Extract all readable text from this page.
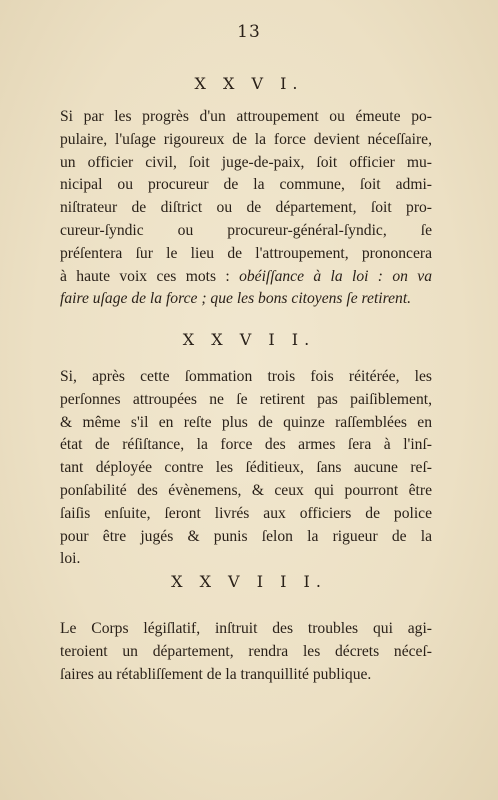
13
X X V I.
Si par les progrès d'un attroupement ou émeute po-
pulaire, l'uſage rigoureux de la force devient néceſſaire,
un officier civil, ſoit juge-de-paix, ſoit officier mu-
nicipal ou procureur de la commune, ſoit admi-
niſtrateur de diſtrict ou de département, ſoit pro-
cureur-ſyndic ou procureur-général-ſyndic, ſe
préſentera ſur le lieu de l'attroupement, prononcera
à haute voix ces mots : obéiſſance à la loi : on va
faire uſage de la force ; que les bons citoyens ſe retirent.
X X V I I.
Si, après cette ſommation trois fois réitérée, les
perſonnes attroupées ne ſe retirent pas paiſiblement,
& même s'il en reſte plus de quinze raſſemblées en
état de réſiſtance, la force des armes ſera à l'inſ-
tant déployée contre les ſéditieux, ſans aucune reſ-
ponſabilité des évènemens, & ceux qui pourront être
ſaiſis enſuite, ſeront livrés aux officiers de police
pour être jugés & punis ſelon la rigueur de la
loi.
X X V I I I.
Le Corps légiſlatif, inſtruit des troubles qui agi-
teroient un département, rendra les décrets néceſ-
ſaires au rétabliſſement de la tranquillité publique.
